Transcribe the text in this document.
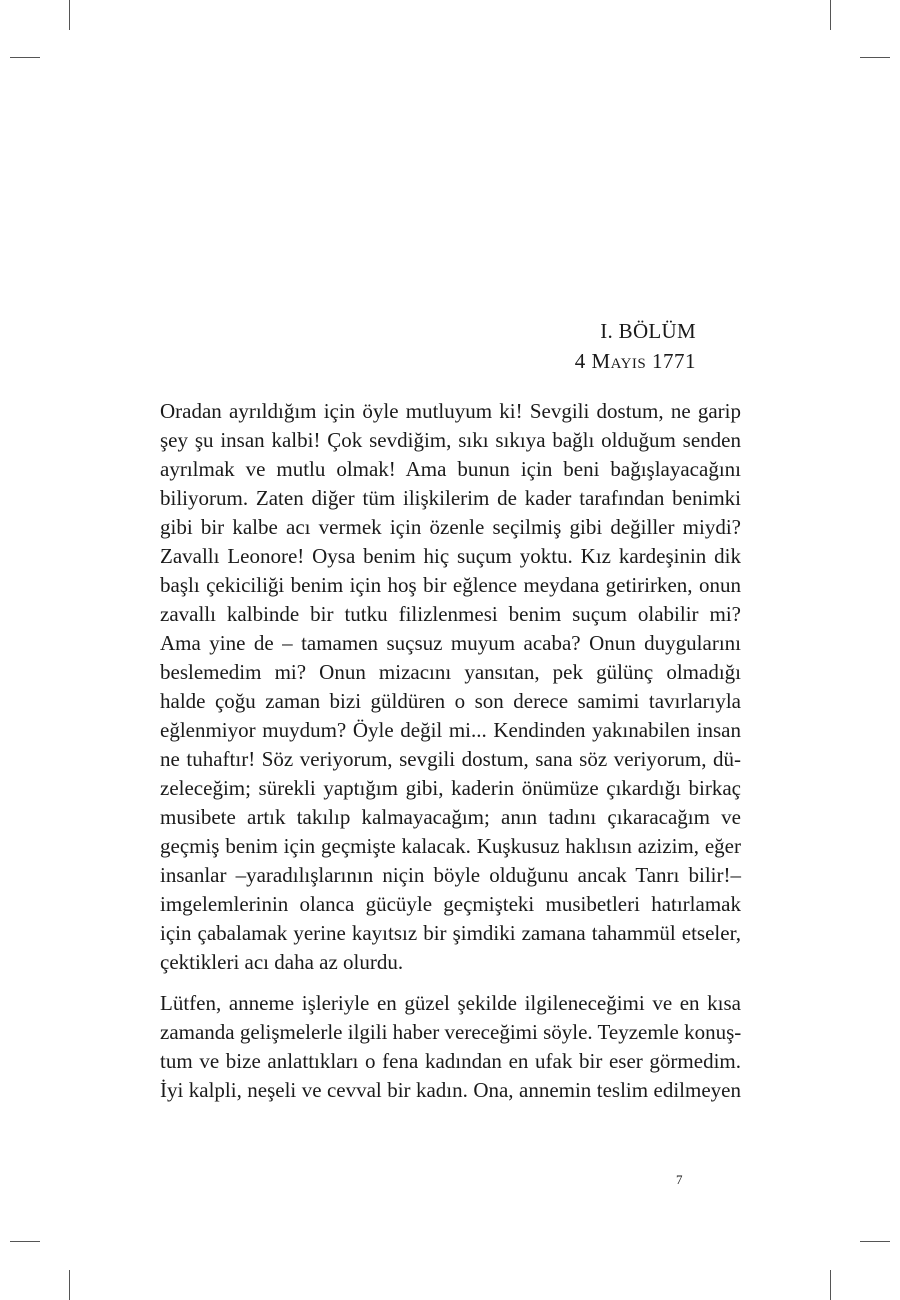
I. BÖLÜM
4 Mayıs 1771
Oradan ayrıldığım için öyle mutluyum ki! Sevgili dostum, ne garip
şey şu insan kalbi! Çok sevdiğim, sıkı sıkıya bağlı olduğum senden
ayrılmak ve mutlu olmak! Ama bunun için beni bağışlayacağını
biliyorum. Zaten diğer tüm ilişkilerim de kader tarafından benimki
gibi bir kalbe acı vermek için özenle seçilmiş gibi değiller miydi?
Zavallı Leonore! Oysa benim hiç suçum yoktu. Kız kardeşinin dik
başlı çekiciliği benim için hoş bir eğlence meydana getirirken, onun
zavallı kalbinde bir tutku filizlenmesi benim suçum olabilir mi?
Ama yine de – tamamen suçsuz muyum acaba? Onun duygularını
beslemedim mi? Onun mizacını yansıtan, pek gülünç olmadığı
halde çoğu zaman bizi güldüren o son derece samimi tavırlarıyla
eğlenmiyor muydum? Öyle değil mi... Kendinden yakınabilen insan
ne tuhaftır! Söz veriyorum, sevgili dostum, sana söz veriyorum, dü-
zeleceğim; sürekli yaptığım gibi, kaderin önümüze çıkardığı birkaç
musibete artık takılıp kalmayacağım; anın tadını çıkaracağım ve
geçmiş benim için geçmişte kalacak. Kuşkusuz haklısın azizim, eğer
insanlar –yaradılışlarının niçin böyle olduğunu ancak Tanrı bilir!–
imgelemlerinin olanca gücüyle geçmişteki musibetleri hatırlamak
için çabalamak yerine kayıtsız bir şimdiki zamana tahammül etseler,
çektikleri acı daha az olurdu.
Lütfen, anneme işleriyle en güzel şekilde ilgileneceğimi ve en kısa
zamanda gelişmelerle ilgili haber vereceğimi söyle. Teyzemle konuş-
tum ve bize anlattıkları o fena kadından en ufak bir eser görmedim.
İyi kalpli, neşeli ve cevval bir kadın. Ona, annemin teslim edilmeyen
7
